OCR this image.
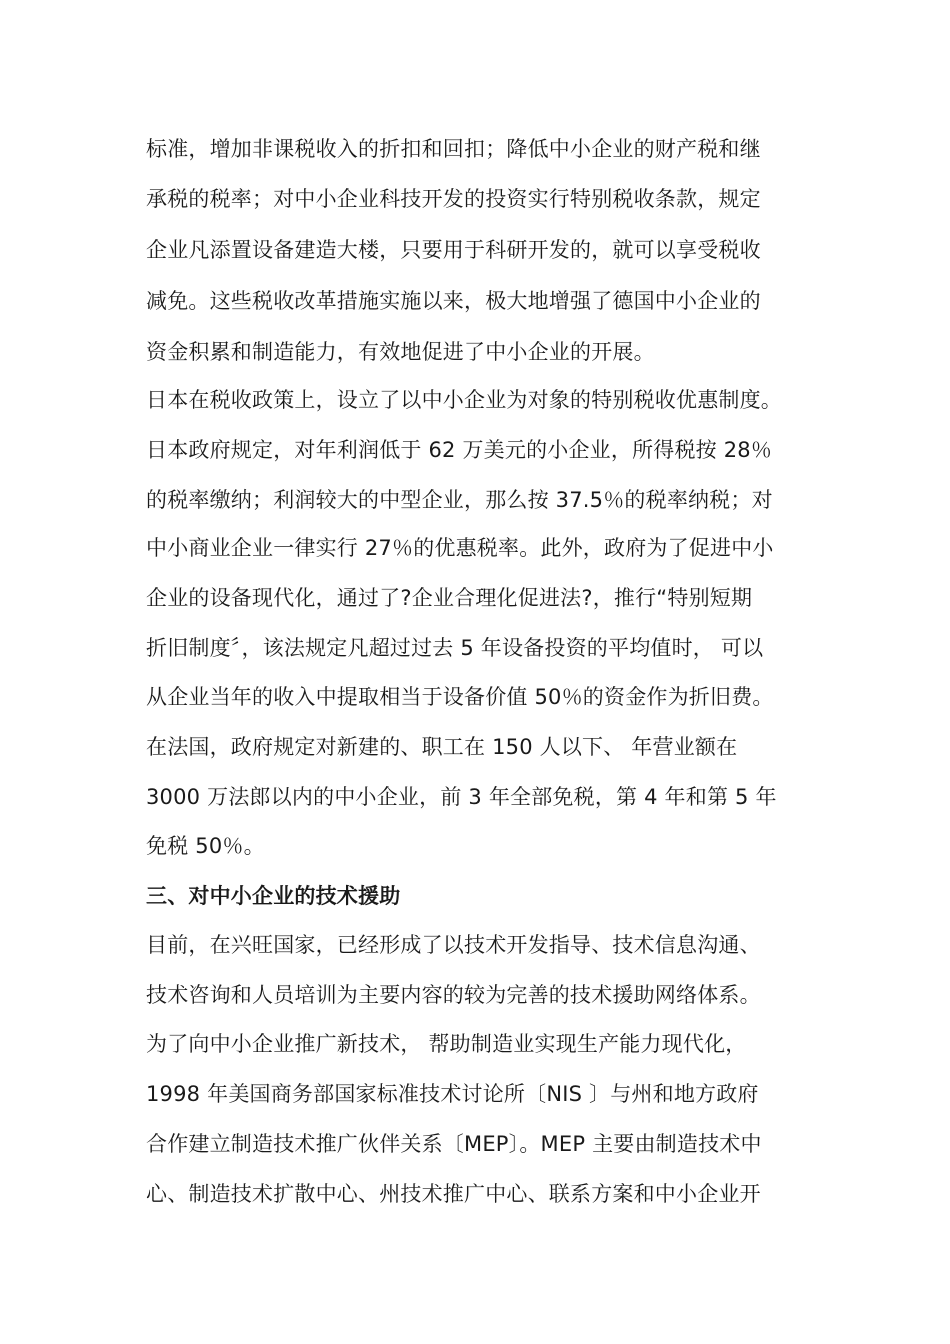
标准，增加非课税收入的折扣和回扣；降低中小企业的财产税和继
承税的税率；对中小企业科技开发的投资实行特别税收条款，规定
企业凡添置设备建造大楼，只要用于科研开发的，就可以享受税收
减免。这些税收改革措施实施以来，极大地增强了德国中小企业的
资金积累和制造能力，有效地促进了中小企业的开展。
日本在税收政策上，设立了以中小企业为对象的特别税收优惠制度。
日本政府规定，对年利润低于 62 万美元的小企业，所得税按 28％
的税率缴纳；利润较大的中型企业，那么按 37.5％的税率纳税；对
中小商业企业一律实行 27％的优惠税率。此外，政府为了促进中小
企业的设备现代化，通过了?企业合理化促进法?，推行“特别短期
折旧制度〞，该法规定凡超过过去 5 年设备投资的平均值时， 可以
从企业当年的收入中提取相当于设备价值 50％的资金作为折旧费。
在法国，政府规定对新建的、职工在 150 人以下、 年营业额在
3000 万法郎以内的中小企业，前 3 年全部免税，第 4 年和第 5 年
免税 50％。
三、对中小企业的技术援助
目前，在兴旺国家，已经形成了以技术开发指导、技术信息沟通、
技术咨询和人员培训为主要内容的较为完善的技术援助网络体系。
为了向中小企业推广新技术， 帮助制造业实现生产能力现代化，
1998 年美国商务部国家标准技术讨论所〔NIS 〕与州和地方政府
合作建立制造技术推广伙伴关系〔MEP〕。MEP 主要由制造技术中
心、制造技术扩散中心、州技术推广中心、联系方案和中小企业开
